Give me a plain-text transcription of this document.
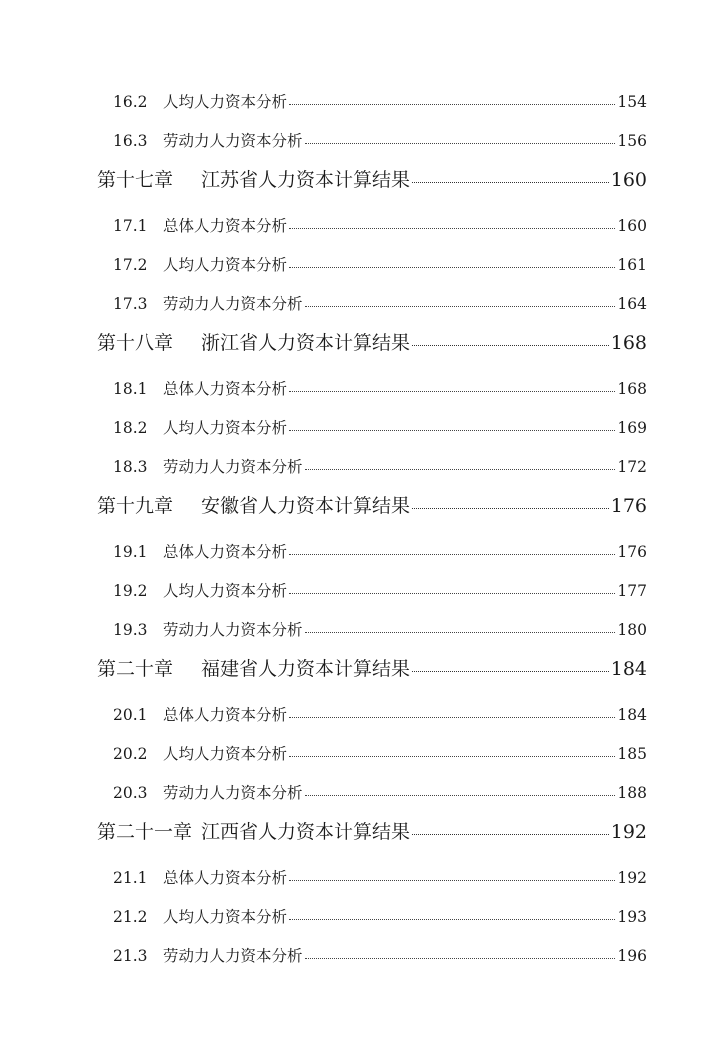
16.2 人均人力资本分析	154
16.3 劳动力人力资本分析	156
第十七章	江苏省人力资本计算结果	160
17.1 总体人力资本分析	160
17.2 人均人力资本分析	161
17.3 劳动力人力资本分析	164
第十八章	浙江省人力资本计算结果	168
18.1 总体人力资本分析	168
18.2 人均人力资本分析	169
18.3 劳动力人力资本分析	172
第十九章	安徽省人力资本计算结果	176
19.1 总体人力资本分析	176
19.2 人均人力资本分析	177
19.3 劳动力人力资本分析	180
第二十章	福建省人力资本计算结果	184
20.1 总体人力资本分析	184
20.2 人均人力资本分析	185
20.3 劳动力人力资本分析	188
第二十一章 江西省人力资本计算结果	192
21.1 总体人力资本分析	192
21.2 人均人力资本分析	193
21.3 劳动力人力资本分析	196
